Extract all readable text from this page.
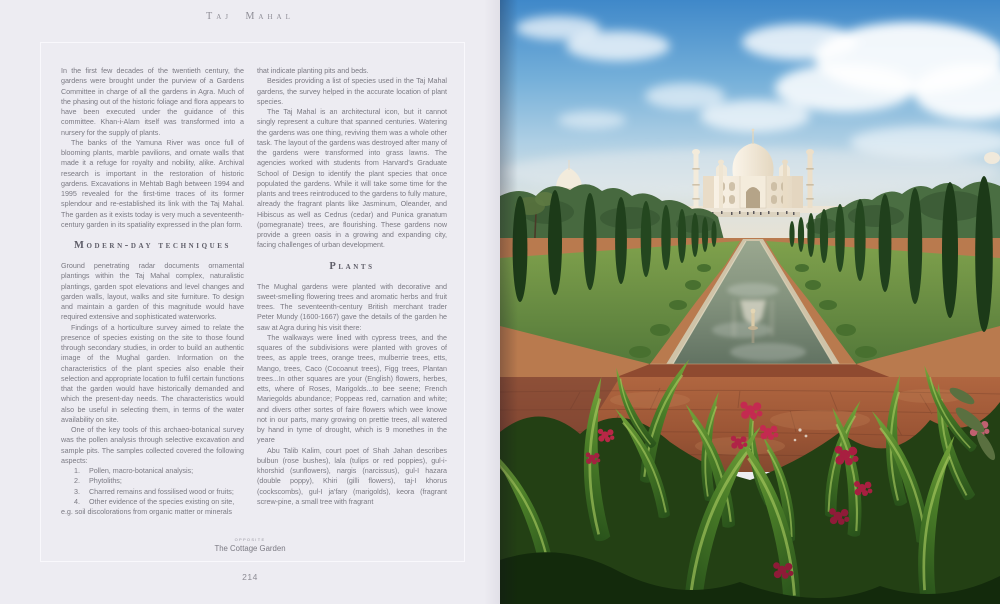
Taj Mahal

In the first few decades of the twentieth century, the gardens were brought under the purview of a Gardens Committee in charge of all the gardens in Agra. Much of the phasing out of the historic foliage and flora appears to have been executed under the guidance of this committee. Khan-i-Alam itself was transformed into a nursery for the supply of plants.

The banks of the Yamuna River was once full of blooming plants, marble pavilions, and ornate walls that made it a refuge for royalty and nobility, alike. Archival research is important in the restoration of historic gardens. Excavations in Mehtab Bagh between 1994 and 1995 revealed for the first-time traces of its former splendour and re-established its link with the Taj Mahal. The garden as it exists today is very much a seventeenth-century garden in its spatiality expressed in the plan form.

Modern-day techniques

Ground penetrating radar documents ornamental plantings within the Taj Mahal complex, naturalistic plantings, garden spot elevations and level changes and garden walls, layout, walks and site furniture. To design and maintain a garden of this magnitude would have required extensive and sophisticated waterworks.

Findings of a horticulture survey aimed to relate the presence of species existing on the site to those found through secondary studies, in order to build an authentic image of the Mughal garden. Information on the characteristics of the plant species also enable their selection and appropriate location to fulfil certain functions that the garden would have historically demanded and which the present-day needs. The characteristics would also be useful in selecting them, in terms of the water availability on site.

One of the key tools of this archaeo-botanical survey was the pollen analysis through selective excavation and sample pits. The samples collected covered the following aspects:

1.	Pollen, macro-botanical analysis;
2.	Phytoliths;
3.	Charred remains and fossilised wood or fruits;
4.	Other evidence of the species existing on site,

e.g. soil discolorations from organic matter or minerals

that indicate planting pits and beds.

Besides providing a list of species used in the Taj Mahal gardens, the survey helped in the accurate location of plant species.

The Taj Mahal is an architectural icon, but it cannot singly represent a culture that spanned centuries. Watering the gardens was one thing, reviving them was a whole other task. The layout of the gardens was destroyed after many of the gardens were transformed into grass lawns. The agencies worked with students from Harvard's Graduate School of Design to identify the plant species that once populated the gardens. While it will take some time for the plants and trees reintroduced to the gardens to fully mature, already the fragrant plants like Jasminum, Oleander, and Hibiscus as well as Cedrus (cedar) and Punica granatum (pomegranate) trees, are flourishing. These gardens now provide a green oasis in a growing and expanding city, facing challenges of urban development.

Plants

The Mughal gardens were planted with decorative and sweet-smelling flowering trees and aromatic herbs and fruit trees. The seventeenth-century British merchant trader Peter Mundy (1600-1667) gave the details of the garden he saw at Agra during his visit there:

The walkways were lined with cypress trees, and the squares of the subdivisions were planted with groves of trees, as apple trees, orange trees, mulberrie trees, etts, Mango, trees, Caco (Cocoanut trees), Figg trees, Plantan trees...In other squares are your (English) flowers, herbes, etts, where of Roses, Marigolds...to bee seene; French Mariegolds abundance; Poppeas red, carnation and white; and divers other sortes of faire flowers which wee knowe not in our parts, many growing on prettie trees, all watered by hand in tyme of drought, which is 9 monethes in the yeare

Abu Talib Kalim, court poet of Shah Jahan describes bulbun (rose bushes), lala (tulips or red poppies), gul-i-khorshid (sunflowers), nargis (narcissus), gul-I hazara (double poppy), Khiri (gilli flowers), taj-I khorus (cockscombs), gul-I ja'fary (marigolds), keora (fragrant screw-pine, a small tree with fragrant

opposite
The Cottage Garden
214
